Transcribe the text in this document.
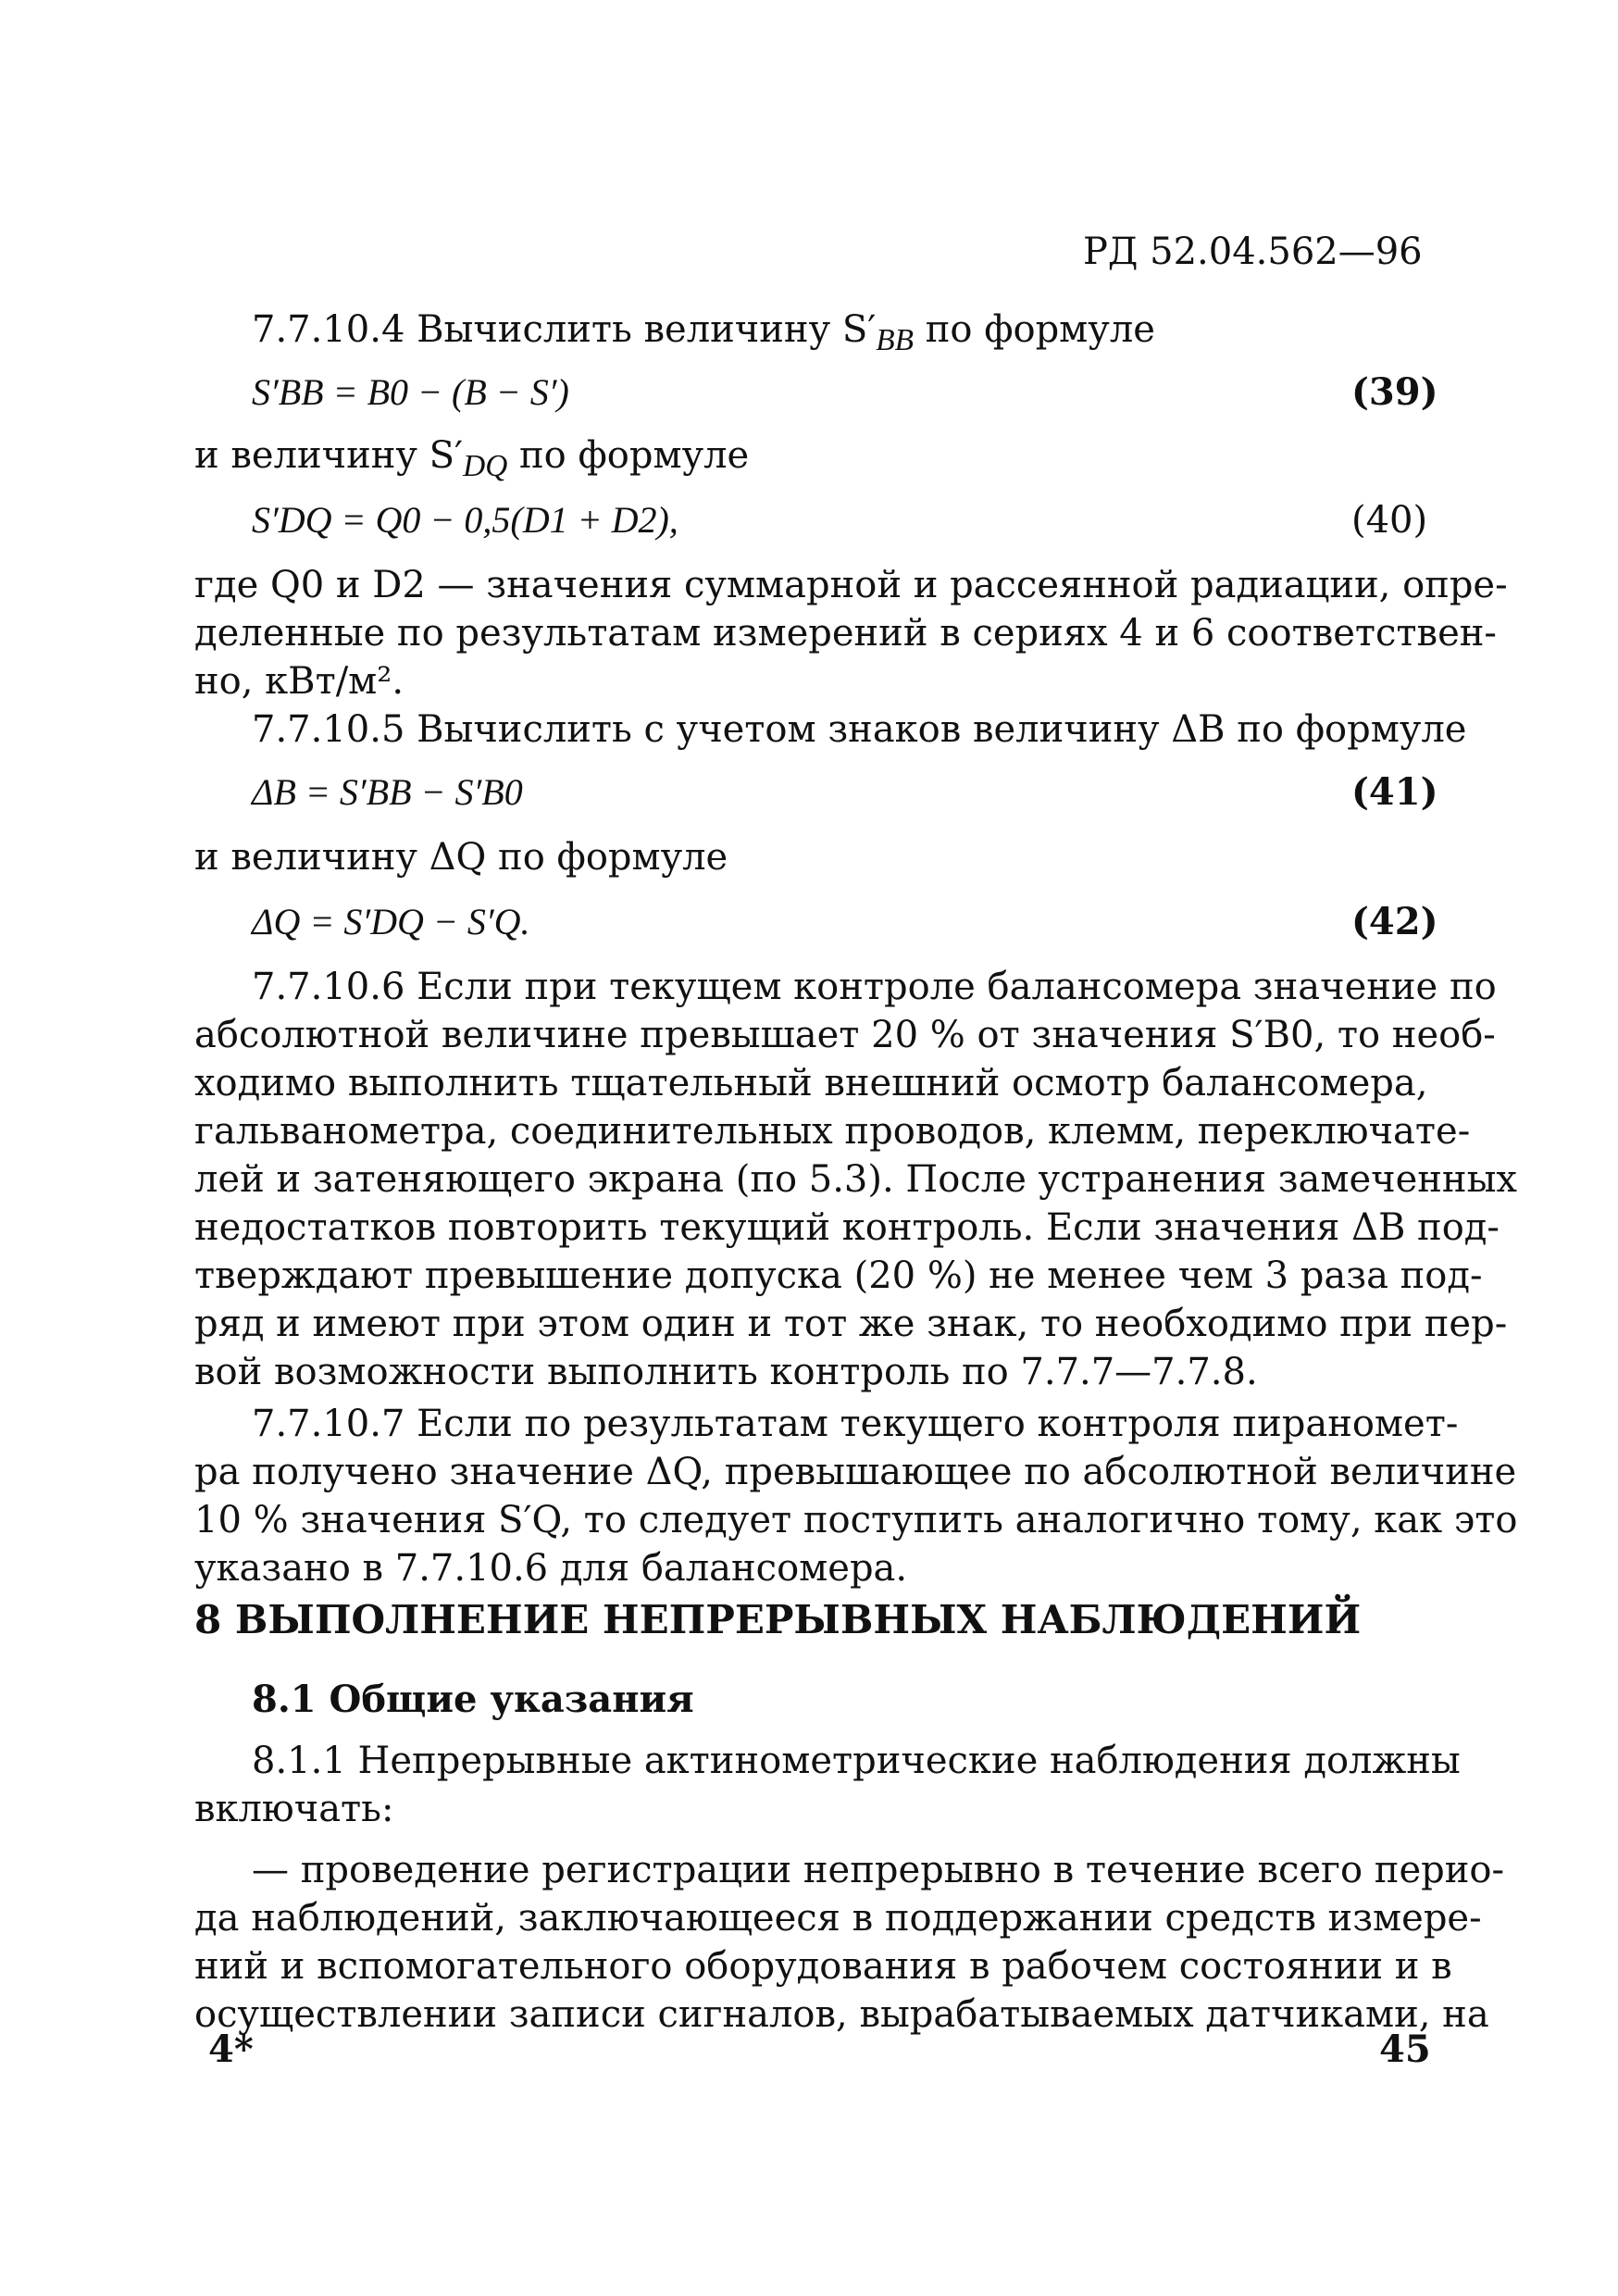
РД 52.04.562—96
7.7.10.4 Вычислить величину $S'_{BB}$ по формуле
S′BB = B0 − (B − S′)	(39)
и величину $S'_{DQ}$ по формуле
S′DQ = Q0 − 0,5(D1 + D2),	(40)
где Q0 и D2 — значения суммарной и рассеянной радиации, опре-
деленные по результатам измерений в сериях 4 и 6 соответствен-
но, кВт/м².
7.7.10.5 Вычислить с учетом знаков величину ΔB по формуле
ΔB = S′BB − S′B0	(41)
и величину ΔQ по формуле
ΔQ = S′DQ − S′Q.	(42)
7.7.10.6 Если при текущем контроле балансомера значение по
абсолютной величине превышает 20 % от значения S′B0, то необ-
ходимо выполнить тщательный внешний осмотр балансомера,
гальванометра, соединительных проводов, клемм, переключате-
лей и затеняющего экрана (по 5.3). После устранения замеченных
недостатков повторить текущий контроль. Если значения ΔB под-
тверждают превышение допуска (20 %) не менее чем 3 раза под-
ряд и имеют при этом один и тот же знак, то необходимо при пер-
вой возможности выполнить контроль по 7.7.7—7.7.8.
7.7.10.7 Если по результатам текущего контроля пираномет-
ра получено значение ΔQ, превышающее по абсолютной величине
10 % значения S′Q, то следует поступить аналогично тому, как это
указано в 7.7.10.6 для балансомера.
8 ВЫПОЛНЕНИЕ НЕПРЕРЫВНЫХ НАБЛЮДЕНИЙ
8.1 Общие указания
8.1.1 Непрерывные актинометрические наблюдения должны
включать:
— проведение регистрации непрерывно в течение всего перио-
да наблюдений, заключающееся в поддержании средств измере-
ний и вспомогательного оборудования в рабочем состоянии и в
осуществлении записи сигналов, вырабатываемых датчиками, на
4*	45
